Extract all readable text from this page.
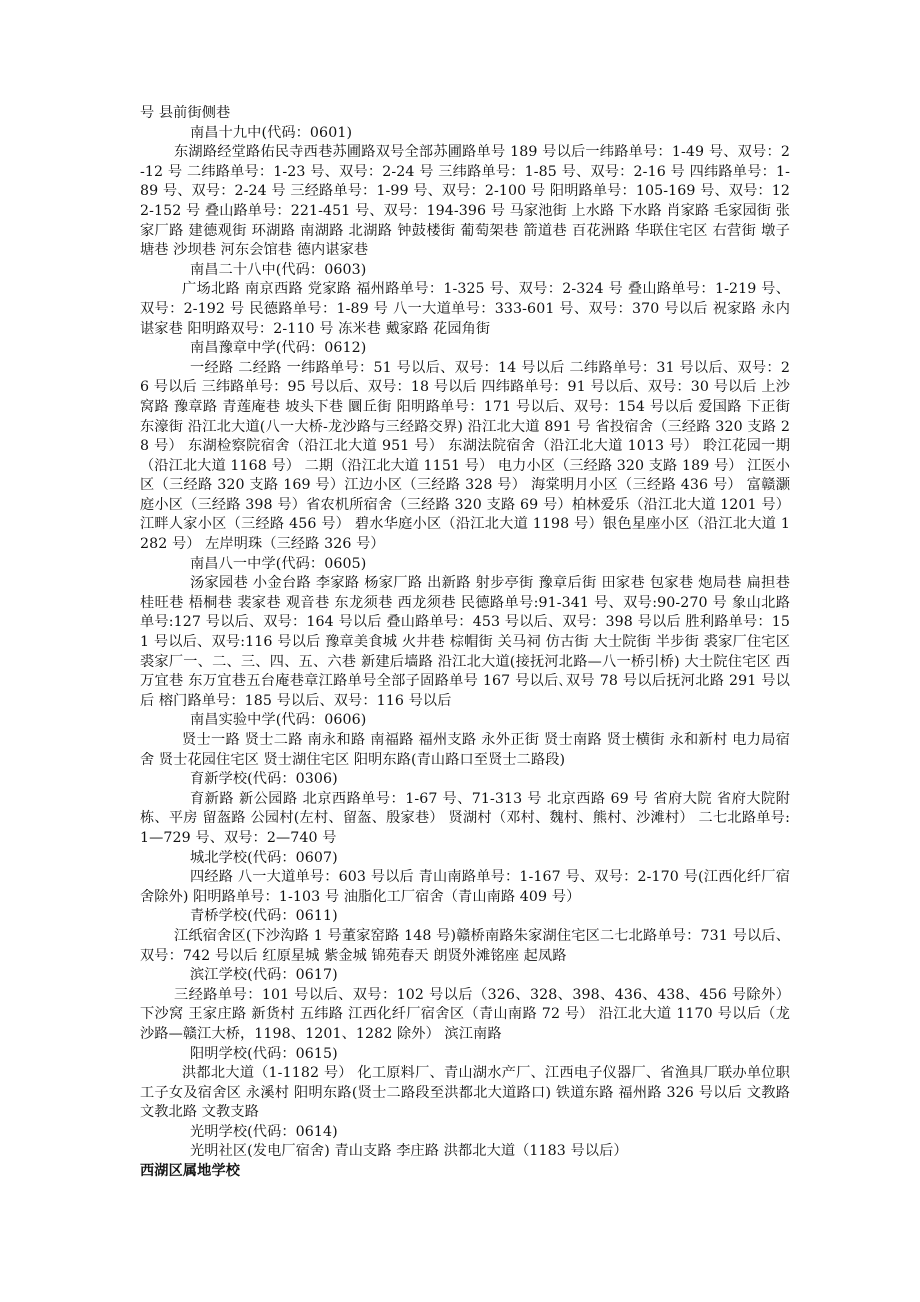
号 县前街侧巷

南昌十九中(代码：0601)

东湖路经堂路佑民寺西巷苏圃路双号全部苏圃路单号 189 号以后一纬路单号：1-49 号、双号：2-12 号 二纬路单号：1-23 号、双号：2-24 号 三纬路单号：1-85 号、双号：2-16 号 四纬路单号：1-89 号、双号：2-24 号 三经路单号：1-99 号、双号：2-100 号 阳明路单号：105-169 号、双号：122-152 号 叠山路单号：221-451 号、双号：194-396 号 马家池街 上水路 下水路 肖家路 毛家园街 张家厂路 建德观街 环湖路 南湖路 北湖路 钟鼓楼街 葡萄架巷 箭道巷 百花洲路 华联住宅区 右营街 墩子塘巷 沙坝巷 河东会馆巷 德内谌家巷

南昌二十八中(代码：0603)

广场北路 南京西路 党家路 福州路单号：1-325 号、双号：2-324 号 叠山路单号：1-219 号、双号：2-192 号 民德路单号：1-89 号 八一大道单号：333-601 号、双号：370 号以后 祝家路 永内谌家巷 阳明路双号：2-110 号 冻米巷 戴家路 花园角街

南昌豫章中学(代码：0612)

一经路 二经路 一纬路单号：51 号以后、双号：14 号以后 二纬路单号：31 号以后、双号：26 号以后 三纬路单号：95 号以后、双号：18 号以后 四纬路单号：91 号以后、双号：30 号以后 上沙窝路 豫章路 青莲庵巷 坡头下巷 圜丘街 阳明路单号：171 号以后、双号：154 号以后 爱国路 下正街 东濠街 沿江北大道(八一大桥-龙沙路与三经路交界) 沿江北大道 891 号 省投宿舍（三经路 320 支路 28 号） 东湖检察院宿舍（沿江北大道 951 号） 东湖法院宿舍（沿江北大道 1013 号） 聆江花园一期（沿江北大道 1168 号） 二期（沿江北大道 1151 号） 电力小区（三经路 320 支路 189 号） 江医小区（三经路 320 支路 169 号）江边小区（三经路 328 号） 海棠明月小区（三经路 436 号） 富赣灏庭小区（三经路 398 号）省农机所宿舍（三经路 320 支路 69 号）柏林爱乐（沿江北大道 1201 号） 江畔人家小区（三经路 456 号） 碧水华庭小区（沿江北大道 1198 号）银色星座小区（沿江北大道 1282 号） 左岸明珠（三经路 326 号）

南昌八一中学(代码：0605)

汤家园巷 小金台路 李家路 杨家厂路 出新路 射步亭街 豫章后街 田家巷 包家巷 炮局巷 扁担巷 桂旺巷 梧桐巷 裴家巷 观音巷 东龙须巷 西龙须巷 民德路单号:91-341 号、双号:90-270 号 象山北路单号:127 号以后、双号：164 号以后 叠山路单号：453 号以后、双号：398 号以后 胜利路单号：151 号以后、双号:116 号以后 豫章美食城 火井巷 棕帽街 关马祠 仿古街 大士院街 半步街 裘家厂住宅区 裘家厂一、二、三、四、五、六巷 新建后墙路 沿江北大道(接抚河北路—八一桥引桥) 大士院住宅区 西万宜巷 东万宜巷五台庵巷章江路单号全部子固路单号 167 号以后､双号 78 号以后抚河北路 291 号以后 榕门路单号：185 号以后、双号：116 号以后

南昌实验中学(代码：0606)

贤士一路 贤士二路 南永和路 南福路 福州支路 永外正街 贤士南路 贤士横街 永和新村 电力局宿舍 贤士花园住宅区 贤士湖住宅区 阳明东路(青山路口至贤士二路段)

育新学校(代码：0306)

育新路 新公园路 北京西路单号：1-67 号、71-313 号 北京西路 69 号 省府大院 省府大院附栋、平房 留盔路 公园村(左村、留盔、殷家巷） 贤湖村（邓村、魏村、熊村、沙滩村） 二七北路单号:1—729 号、双号：2—740 号

城北学校(代码：0607)

四经路 八一大道单号：603 号以后 青山南路单号：1-167 号、双号：2-170 号(江西化纤厂宿舍除外) 阳明路单号：1-103 号 油脂化工厂宿舍（青山南路 409 号）

青桥学校(代码：0611)

江纸宿舍区(下沙沟路 1 号董家窑路 148 号)赣桥南路朱家湖住宅区二七北路单号：731 号以后、双号：742 号以后 红原星城 紫金城 锦苑春天 朗贤外滩铭座 起凤路

滨江学校(代码：0617)

三经路单号：101 号以后、双号：102 号以后（326、328、398、436、438、456 号除外） 下沙窝 王家庄路 新货村 五纬路 江西化纤厂宿舍区（青山南路 72 号） 沿江北大道 1170 号以后（龙沙路—赣江大桥，1198、1201、1282 除外） 滨江南路

阳明学校(代码：0615)

洪都北大道（1-1182 号） 化工原料厂、青山湖水产厂、江西电子仪器厂、省渔具厂联办单位职工子女及宿舍区 永溪村 阳明东路(贤士二路段至洪都北大道路口) 铁道东路 福州路 326 号以后 文教路 文教北路 文教支路

光明学校(代码：0614)

光明社区(发电厂宿舍) 青山支路 李庄路 洪都北大道（1183 号以后）

西湖区属地学校
